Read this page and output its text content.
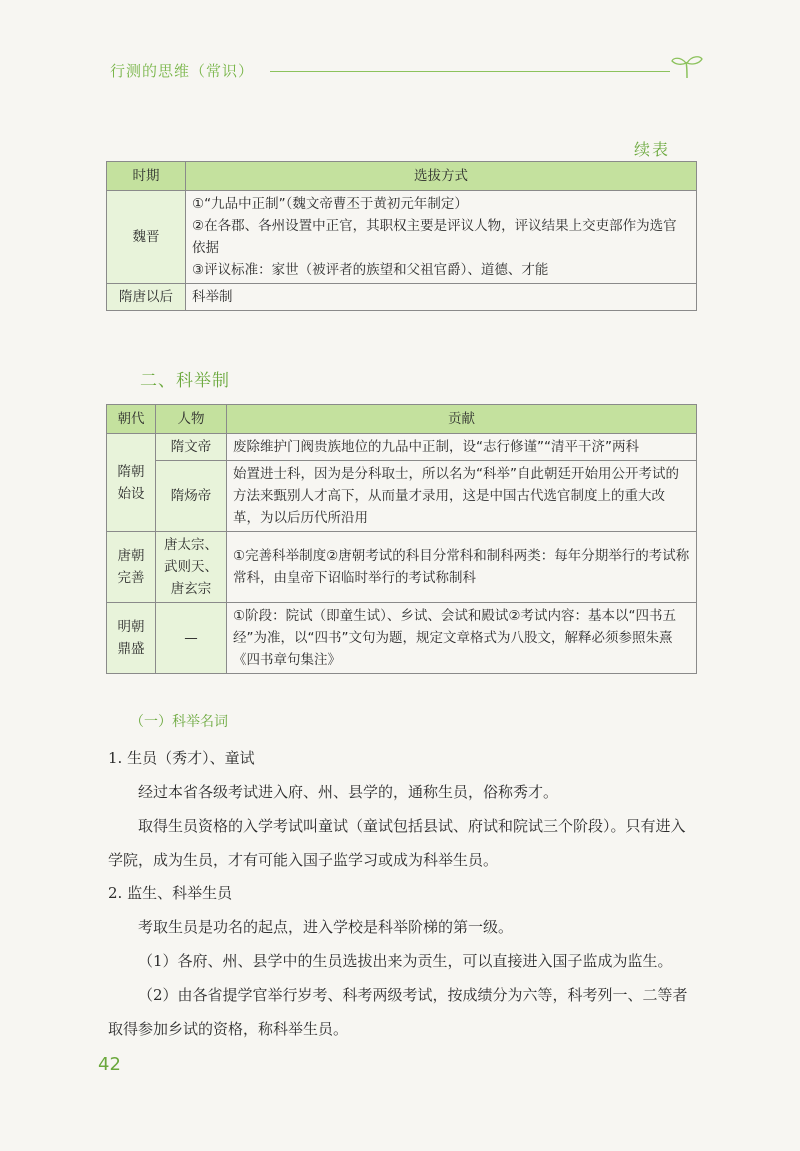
行测的思维（常识）
续表
时期	选拔方式
魏晋	①“九品中正制”（魏文帝曹丕于黄初元年制定）
②在各郡、各州设置中正官，其职权主要是评议人物，评议结果上交吏部作为选官依据
③评议标准：家世（被评者的族望和父祖官爵）、道德、才能

隋唐以后	科举制
二、科举制
朝代	人物	贡献
隋朝始设	隋文帝	废除维护门阀贵族地位的九品中正制，设“志行修谨”“清平干济”两科
	隋炀帝	始置进士科，因为是分科取士，所以名为“科举”自此朝廷开始用公开考试的方法来甄别人才高下，从而量才录用，这是中国古代选官制度上的重大改革，为以后历代所沿用
唐朝完善	唐太宗、武则天、唐玄宗	①完善科举制度②唐朝考试的科目分常科和制科两类：每年分期举行的考试称常科，由皇帝下诏临时举行的考试称制科
明朝鼎盛	—	①阶段：院试（即童生试）、乡试、会试和殿试②考试内容：基本以“四书五经”为准，以“四书”文句为题，规定文章格式为八股文，解释必须参照朱熹《四书章句集注》
（一）科举名词
1. 生员（秀才）、童试
经过本省各级考试进入府、州、县学的，通称生员，俗称秀才。
取得生员资格的入学考试叫童试（童试包括县试、府试和院试三个阶段）。只有进入学院，成为生员，才有可能入国子监学习或成为科举生员。
2. 监生、科举生员
考取生员是功名的起点，进入学校是科举阶梯的第一级。
（1）各府、州、县学中的生员选拔出来为贡生，可以直接进入国子监成为监生。
（2）由各省提学官举行岁考、科考两级考试，按成绩分为六等，科考列一、二等者取得参加乡试的资格，称科举生员。
42
